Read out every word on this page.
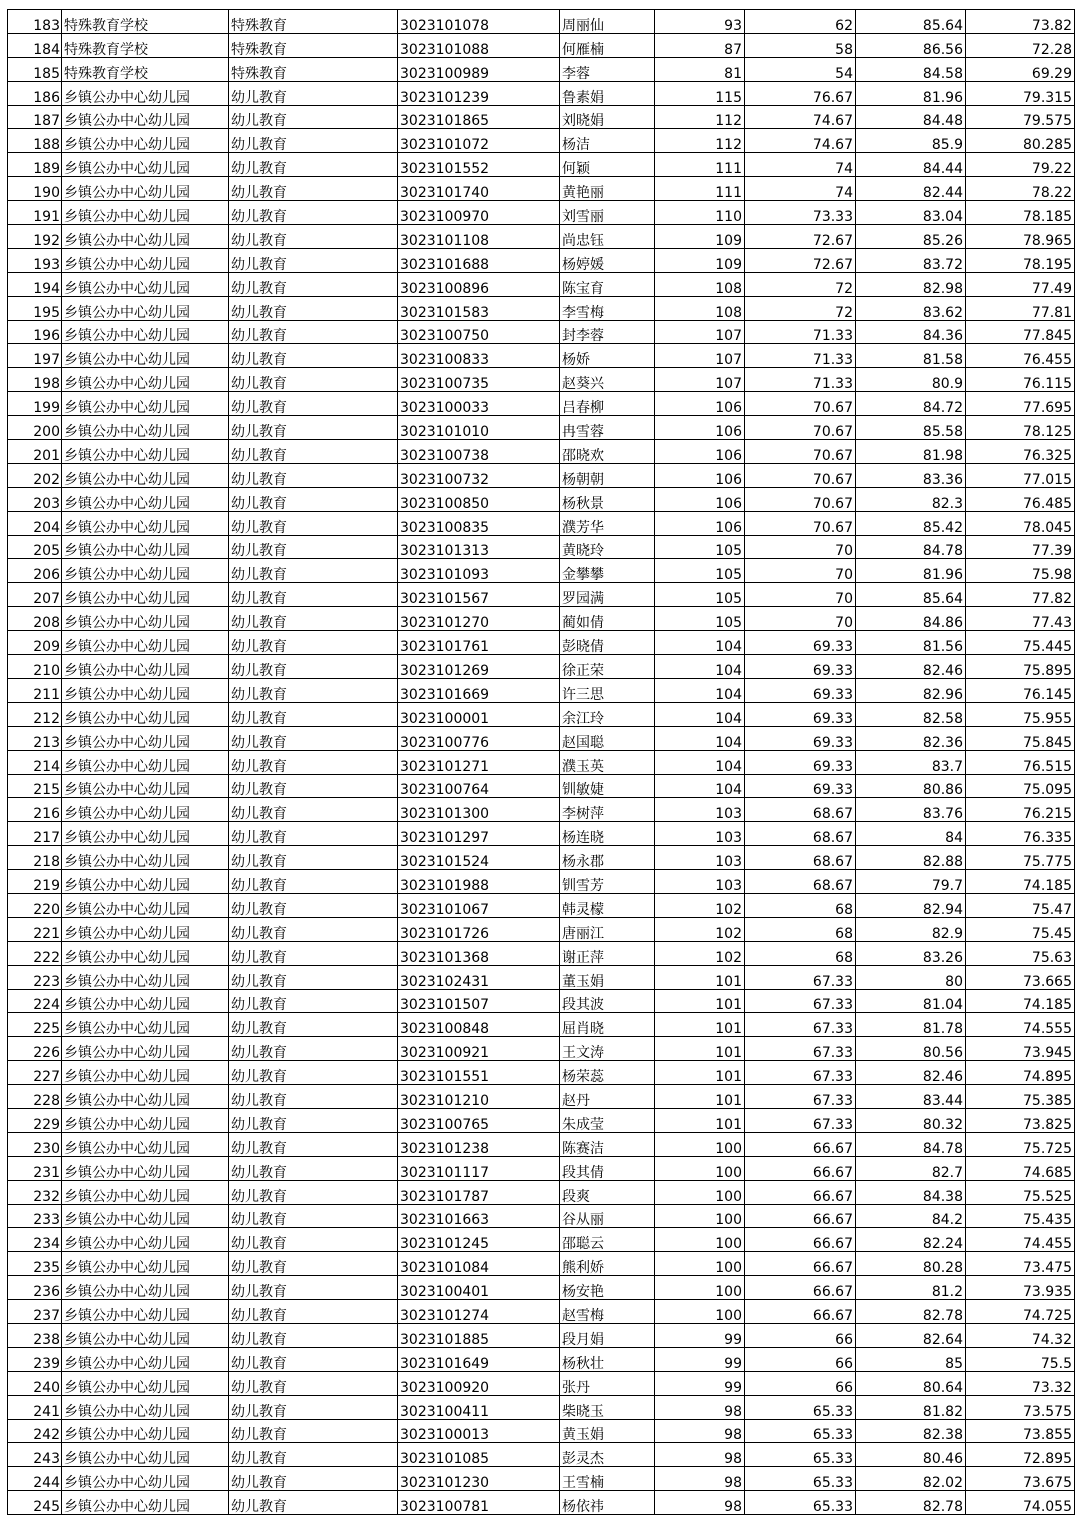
183	特殊教育学校	特殊教育	3023101078	周丽仙	93	62	85.64	73.82
184	特殊教育学校	特殊教育	3023101088	何雁楠	87	58	86.56	72.28
185	特殊教育学校	特殊教育	3023100989	李蓉	81	54	84.58	69.29
186	乡镇公办中心幼儿园	幼儿教育	3023101239	鲁素娟	115	76.67	81.96	79.315
187	乡镇公办中心幼儿园	幼儿教育	3023101865	刘晓娟	112	74.67	84.48	79.575
188	乡镇公办中心幼儿园	幼儿教育	3023101072	杨洁	112	74.67	85.9	80.285
189	乡镇公办中心幼儿园	幼儿教育	3023101552	何颖	111	74	84.44	79.22
190	乡镇公办中心幼儿园	幼儿教育	3023101740	黄艳丽	111	74	82.44	78.22
191	乡镇公办中心幼儿园	幼儿教育	3023100970	刘雪丽	110	73.33	83.04	78.185
192	乡镇公办中心幼儿园	幼儿教育	3023101108	尚忠钰	109	72.67	85.26	78.965
193	乡镇公办中心幼儿园	幼儿教育	3023101688	杨婷媛	109	72.67	83.72	78.195
194	乡镇公办中心幼儿园	幼儿教育	3023100896	陈宝育	108	72	82.98	77.49
195	乡镇公办中心幼儿园	幼儿教育	3023101583	李雪梅	108	72	83.62	77.81
196	乡镇公办中心幼儿园	幼儿教育	3023100750	封李蓉	107	71.33	84.36	77.845
197	乡镇公办中心幼儿园	幼儿教育	3023100833	杨娇	107	71.33	81.58	76.455
198	乡镇公办中心幼儿园	幼儿教育	3023100735	赵葵兴	107	71.33	80.9	76.115
199	乡镇公办中心幼儿园	幼儿教育	3023100033	吕春柳	106	70.67	84.72	77.695
200	乡镇公办中心幼儿园	幼儿教育	3023101010	冉雪蓉	106	70.67	85.58	78.125
201	乡镇公办中心幼儿园	幼儿教育	3023100738	邵晓欢	106	70.67	81.98	76.325
202	乡镇公办中心幼儿园	幼儿教育	3023100732	杨朝朝	106	70.67	83.36	77.015
203	乡镇公办中心幼儿园	幼儿教育	3023100850	杨秋景	106	70.67	82.3	76.485
204	乡镇公办中心幼儿园	幼儿教育	3023100835	濮芳华	106	70.67	85.42	78.045
205	乡镇公办中心幼儿园	幼儿教育	3023101313	黄晓玲	105	70	84.78	77.39
206	乡镇公办中心幼儿园	幼儿教育	3023101093	金攀攀	105	70	81.96	75.98
207	乡镇公办中心幼儿园	幼儿教育	3023101567	罗园满	105	70	85.64	77.82
208	乡镇公办中心幼儿园	幼儿教育	3023101270	蔺如倩	105	70	84.86	77.43
209	乡镇公办中心幼儿园	幼儿教育	3023101761	彭晓倩	104	69.33	81.56	75.445
210	乡镇公办中心幼儿园	幼儿教育	3023101269	徐正荣	104	69.33	82.46	75.895
211	乡镇公办中心幼儿园	幼儿教育	3023101669	许三思	104	69.33	82.96	76.145
212	乡镇公办中心幼儿园	幼儿教育	3023100001	余江玲	104	69.33	82.58	75.955
213	乡镇公办中心幼儿园	幼儿教育	3023100776	赵国聪	104	69.33	82.36	75.845
214	乡镇公办中心幼儿园	幼儿教育	3023101271	濮玉英	104	69.33	83.7	76.515
215	乡镇公办中心幼儿园	幼儿教育	3023100764	钏敏婕	104	69.33	80.86	75.095
216	乡镇公办中心幼儿园	幼儿教育	3023101300	李树萍	103	68.67	83.76	76.215
217	乡镇公办中心幼儿园	幼儿教育	3023101297	杨连晓	103	68.67	84	76.335
218	乡镇公办中心幼儿园	幼儿教育	3023101524	杨永郡	103	68.67	82.88	75.775
219	乡镇公办中心幼儿园	幼儿教育	3023101988	钏雪芳	103	68.67	79.7	74.185
220	乡镇公办中心幼儿园	幼儿教育	3023101067	韩灵檬	102	68	82.94	75.47
221	乡镇公办中心幼儿园	幼儿教育	3023101726	唐丽江	102	68	82.9	75.45
222	乡镇公办中心幼儿园	幼儿教育	3023101368	谢正萍	102	68	83.26	75.63
223	乡镇公办中心幼儿园	幼儿教育	3023102431	董玉娟	101	67.33	80	73.665
224	乡镇公办中心幼儿园	幼儿教育	3023101507	段其波	101	67.33	81.04	74.185
225	乡镇公办中心幼儿园	幼儿教育	3023100848	屈肖晓	101	67.33	81.78	74.555
226	乡镇公办中心幼儿园	幼儿教育	3023100921	王文涛	101	67.33	80.56	73.945
227	乡镇公办中心幼儿园	幼儿教育	3023101551	杨荣蕊	101	67.33	82.46	74.895
228	乡镇公办中心幼儿园	幼儿教育	3023101210	赵丹	101	67.33	83.44	75.385
229	乡镇公办中心幼儿园	幼儿教育	3023100765	朱成莹	101	67.33	80.32	73.825
230	乡镇公办中心幼儿园	幼儿教育	3023101238	陈赛洁	100	66.67	84.78	75.725
231	乡镇公办中心幼儿园	幼儿教育	3023101117	段其倩	100	66.67	82.7	74.685
232	乡镇公办中心幼儿园	幼儿教育	3023101787	段爽	100	66.67	84.38	75.525
233	乡镇公办中心幼儿园	幼儿教育	3023101663	谷从丽	100	66.67	84.2	75.435
234	乡镇公办中心幼儿园	幼儿教育	3023101245	邵聪云	100	66.67	82.24	74.455
235	乡镇公办中心幼儿园	幼儿教育	3023101084	熊利娇	100	66.67	80.28	73.475
236	乡镇公办中心幼儿园	幼儿教育	3023100401	杨安艳	100	66.67	81.2	73.935
237	乡镇公办中心幼儿园	幼儿教育	3023101274	赵雪梅	100	66.67	82.78	74.725
238	乡镇公办中心幼儿园	幼儿教育	3023101885	段月娟	99	66	82.64	74.32
239	乡镇公办中心幼儿园	幼儿教育	3023101649	杨秋壮	99	66	85	75.5
240	乡镇公办中心幼儿园	幼儿教育	3023100920	张丹	99	66	80.64	73.32
241	乡镇公办中心幼儿园	幼儿教育	3023100411	柴晓玉	98	65.33	81.82	73.575
242	乡镇公办中心幼儿园	幼儿教育	3023100013	黄玉娟	98	65.33	82.38	73.855
243	乡镇公办中心幼儿园	幼儿教育	3023101085	彭灵杰	98	65.33	80.46	72.895
244	乡镇公办中心幼儿园	幼儿教育	3023101230	王雪楠	98	65.33	82.02	73.675
245	乡镇公办中心幼儿园	幼儿教育	3023100781	杨依祎	98	65.33	82.78	74.055
